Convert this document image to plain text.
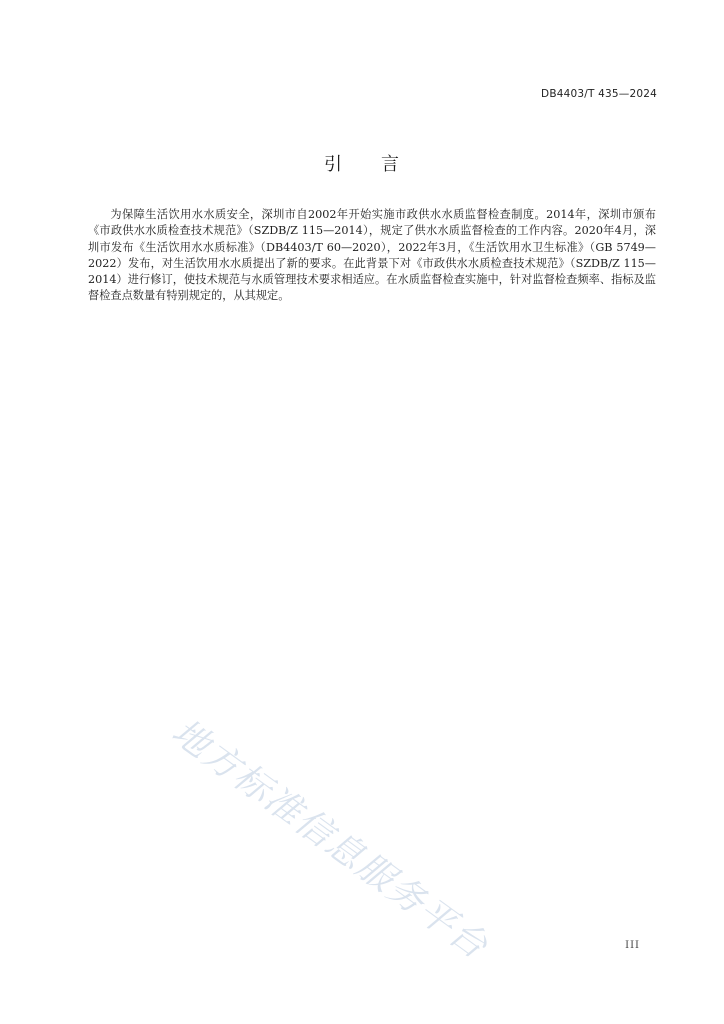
DB4403/T 435—2024
引 言
为保障生活饮用水水质安全，深圳市自2002年开始实施市政供水水质监督检查制度。2014年，深圳市颁布《市政供水水质检查技术规范》（SZDB/Z 115—2014），规定了供水水质监督检查的工作内容。2020年4月，深圳市发布《生活饮用水水质标准》（DB4403/T 60—2020），2022年3月，《生活饮用水卫生标准》（GB 5749—2022）发布，对生活饮用水水质提出了新的要求。在此背景下对《市政供水水质检查技术规范》（SZDB/Z 115—2014）进行修订，使技术规范与水质管理技术要求相适应。在水质监督检查实施中，针对监督检查频率、指标及监督检查点数量有特别规定的，从其规定。
地方标准信息服务平台	III
